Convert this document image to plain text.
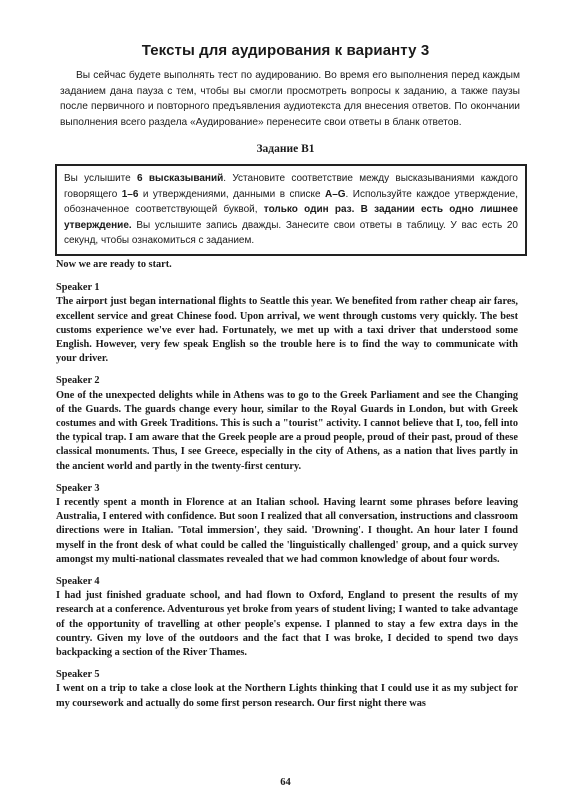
Тексты для аудирования к варианту 3

Вы сейчас будете выполнять тест по аудированию. Во время его выполнения перед каждым заданием дана пауза с тем, чтобы вы смогли просмотреть вопросы к заданию, а также паузы после первичного и повторного предъявления аудиотекста для внесения ответов. По окончании выполнения всего раздела «Аудирование» перенесите свои ответы в бланк ответов.

Задание В1

Вы услышите 6 высказываний. Установите соответствие между высказываниями каждого говорящего 1–6 и утверждениями, данными в списке A–G. Используйте каждое утверждение, обозначенное соответствующей буквой, только один раз. В задании есть одно лишнее утверждение. Вы услышите запись дважды. Занесите свои ответы в таблицу. У вас есть 20 секунд, чтобы ознакомиться с заданием.

Now we are ready to start.

Speaker 1

The airport just began international flights to Seattle this year. We benefited from rather cheap air fares, excellent service and great Chinese food. Upon arrival, we went through customs very quickly. The best customs experience we've ever had. Fortunately, we met up with a taxi driver that understood some English. However, very few speak English so the trouble here is to find the way to communicate with your driver.

Speaker 2

One of the unexpected delights while in Athens was to go to the Greek Parliament and see the Changing of the Guards. The guards change every hour, similar to the Royal Guards in London, but with Greek costumes and with Greek Traditions. This is such a "tourist" activity. I cannot believe that I, too, fell into the typical trap. I am aware that the Greek people are a proud people, proud of their past, proud of these classical monuments. Thus, I see Greece, especially in the city of Athens, as a nation that lives partly in the ancient world and partly in the twenty-first century.

Speaker 3

I recently spent a month in Florence at an Italian school. Having learnt some phrases before leaving Australia, I entered with confidence. But soon I realized that all conversation, instructions and classroom directions were in Italian. 'Total immersion', they said. 'Drowning'. I thought. An hour later I found myself in the front desk of what could be called the 'linguistically challenged' group, and a quick survey amongst my multi-national classmates revealed that we had common knowledge of about four words.

Speaker 4

I had just finished graduate school, and had flown to Oxford, England to present the results of my research at a conference. Adventurous yet broke from years of student living; I wanted to take advantage of the opportunity of travelling at other people's expense. I planned to stay a few extra days in the country. Given my love of the outdoors and the fact that I was broke, I decided to spend two days backpacking a section of the River Thames.

Speaker 5

I went on a trip to take a close look at the Northern Lights thinking that I could use it as my subject for my coursework and actually do some first person research. Our first night there was

64
